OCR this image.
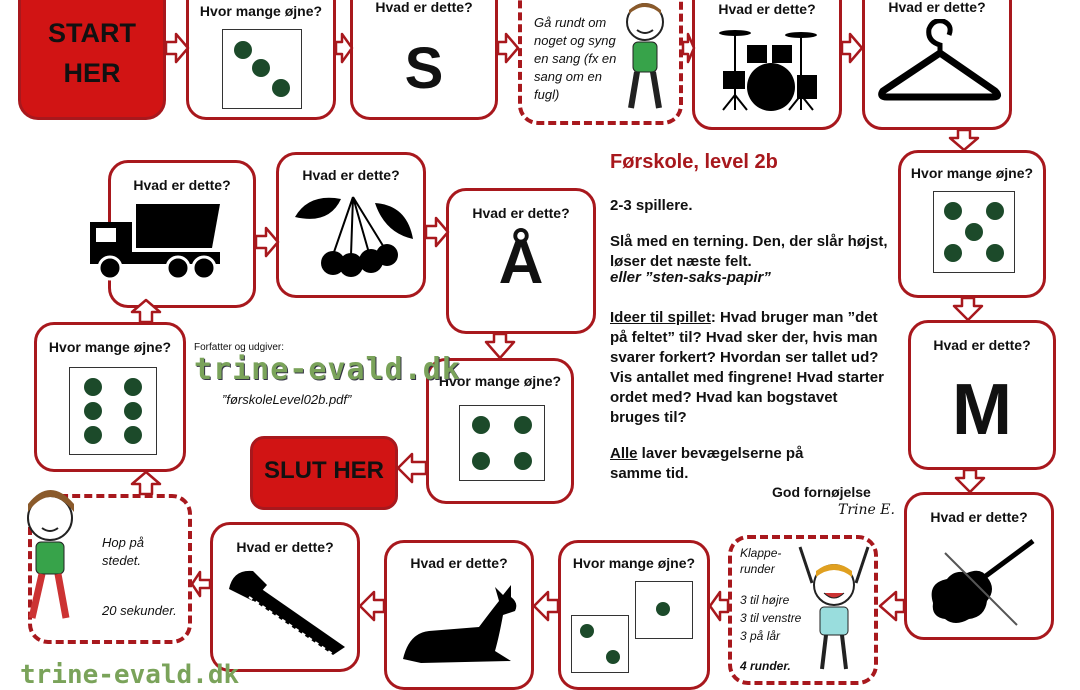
START
HER
Hvor mange øjne?	Hvad er dette?
S
Gå rundt om noget og syng en sang (fx en sang om en fugl)
Hvad er dette?	Hvad er dette?
Hvor mange øjne?
Hvad er dette?
M
Hvad er dette?
Klappe-runder
3 til højre
3 til venstre
3 på lår
4 runder.
Hvor mange øjne?
Hvad er dette?
Hvad er dette?
Hop på stedet.
20 sekunder.
Hvor mange øjne?
Hvad er dette?
Hvad er dette?
Hvad er dette?
Å
Hvor mange øjne?
SLUT HER
Forfatter og udgiver:
trine-evald.dk
”førskoleLevel02b.pdf”
trine-evald.dk
Førskole, level 2b
2-3 spillere.
Slå med en terning. Den, der slår højst, løser det næste felt.
eller ”sten-saks-papir”
Ideer til spillet: Hvad bruger man ”det på feltet” til? Hvad sker der, hvis man svarer forkert? Hvordan ser tallet ud? Vis antallet med fingrene! Hvad starter ordet med? Hvad kan bogstavet bruges til?
Alle laver bevægelserne på samme tid.
God fornøjelse
Trine E.
